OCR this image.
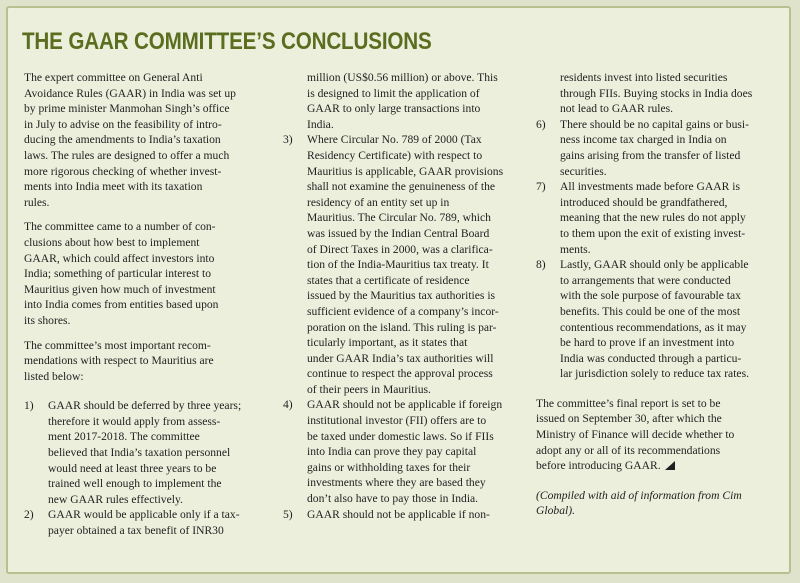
THE GAAR COMMITTEE’S CONCLUSIONS
The expert committee on General Anti
Avoidance Rules (GAAR) in India was set up
by prime minister Manmohan Singh’s office
in July to advise on the feasibility of intro-
ducing the amendments to India’s taxation
laws. The rules are designed to offer a much
more rigorous checking of whether invest-
ments into India meet with its taxation
rules.
The committee came to a number of con-
clusions about how best to implement
GAAR, which could affect investors into
India; something of particular interest to
Mauritius given how much of investment
into India comes from entities based upon
its shores.
The committee’s most important recom-
mendations with respect to Mauritius are
listed below:
1) GAAR should be deferred by three years;
therefore it would apply from assess-
ment 2017-2018. The committee
believed that India’s taxation personnel
would need at least three years to be
trained well enough to implement the
new GAAR rules effectively.
2) GAAR would be applicable only if a tax-
payer obtained a tax benefit of INR30
million (US$0.56 million) or above. This
is designed to limit the application of
GAAR to only large transactions into
India.
3) Where Circular No. 789 of 2000 (Tax
Residency Certificate) with respect to
Mauritius is applicable, GAAR provisions
shall not examine the genuineness of the
residency of an entity set up in
Mauritius. The Circular No. 789, which
was issued by the Indian Central Board
of Direct Taxes in 2000, was a clarifica-
tion of the India-Mauritius tax treaty. It
states that a certificate of residence
issued by the Mauritius tax authorities is
sufficient evidence of a company’s incor-
poration on the island. This ruling is par-
ticularly important, as it states that
under GAAR India’s tax authorities will
continue to respect the approval process
of their peers in Mauritius.
4) GAAR should not be applicable if foreign
institutional investor (FII) offers are to
be taxed under domestic laws. So if FIIs
into India can prove they pay capital
gains or withholding taxes for their
investments where they are based they
don’t also have to pay those in India.
5) GAAR should not be applicable if non-
residents invest into listed securities
through FIIs. Buying stocks in India does
not lead to GAAR rules.
6) There should be no capital gains or busi-
ness income tax charged in India on
gains arising from the transfer of listed
securities.
7) All investments made before GAAR is
introduced should be grandfathered,
meaning that the new rules do not apply
to them upon the exit of existing invest-
ments.
8) Lastly, GAAR should only be applicable
to arrangements that were conducted
with the sole purpose of favourable tax
benefits. This could be one of the most
contentious recommendations, as it may
be hard to prove if an investment into
India was conducted through a particu-
lar jurisdiction solely to reduce tax rates.
The committee’s final report is set to be
issued on September 30, after which the
Ministry of Finance will decide whether to
adopt any or all of its recommendations
before introducing GAAR.
(Compiled with aid of information from Cim
Global).
